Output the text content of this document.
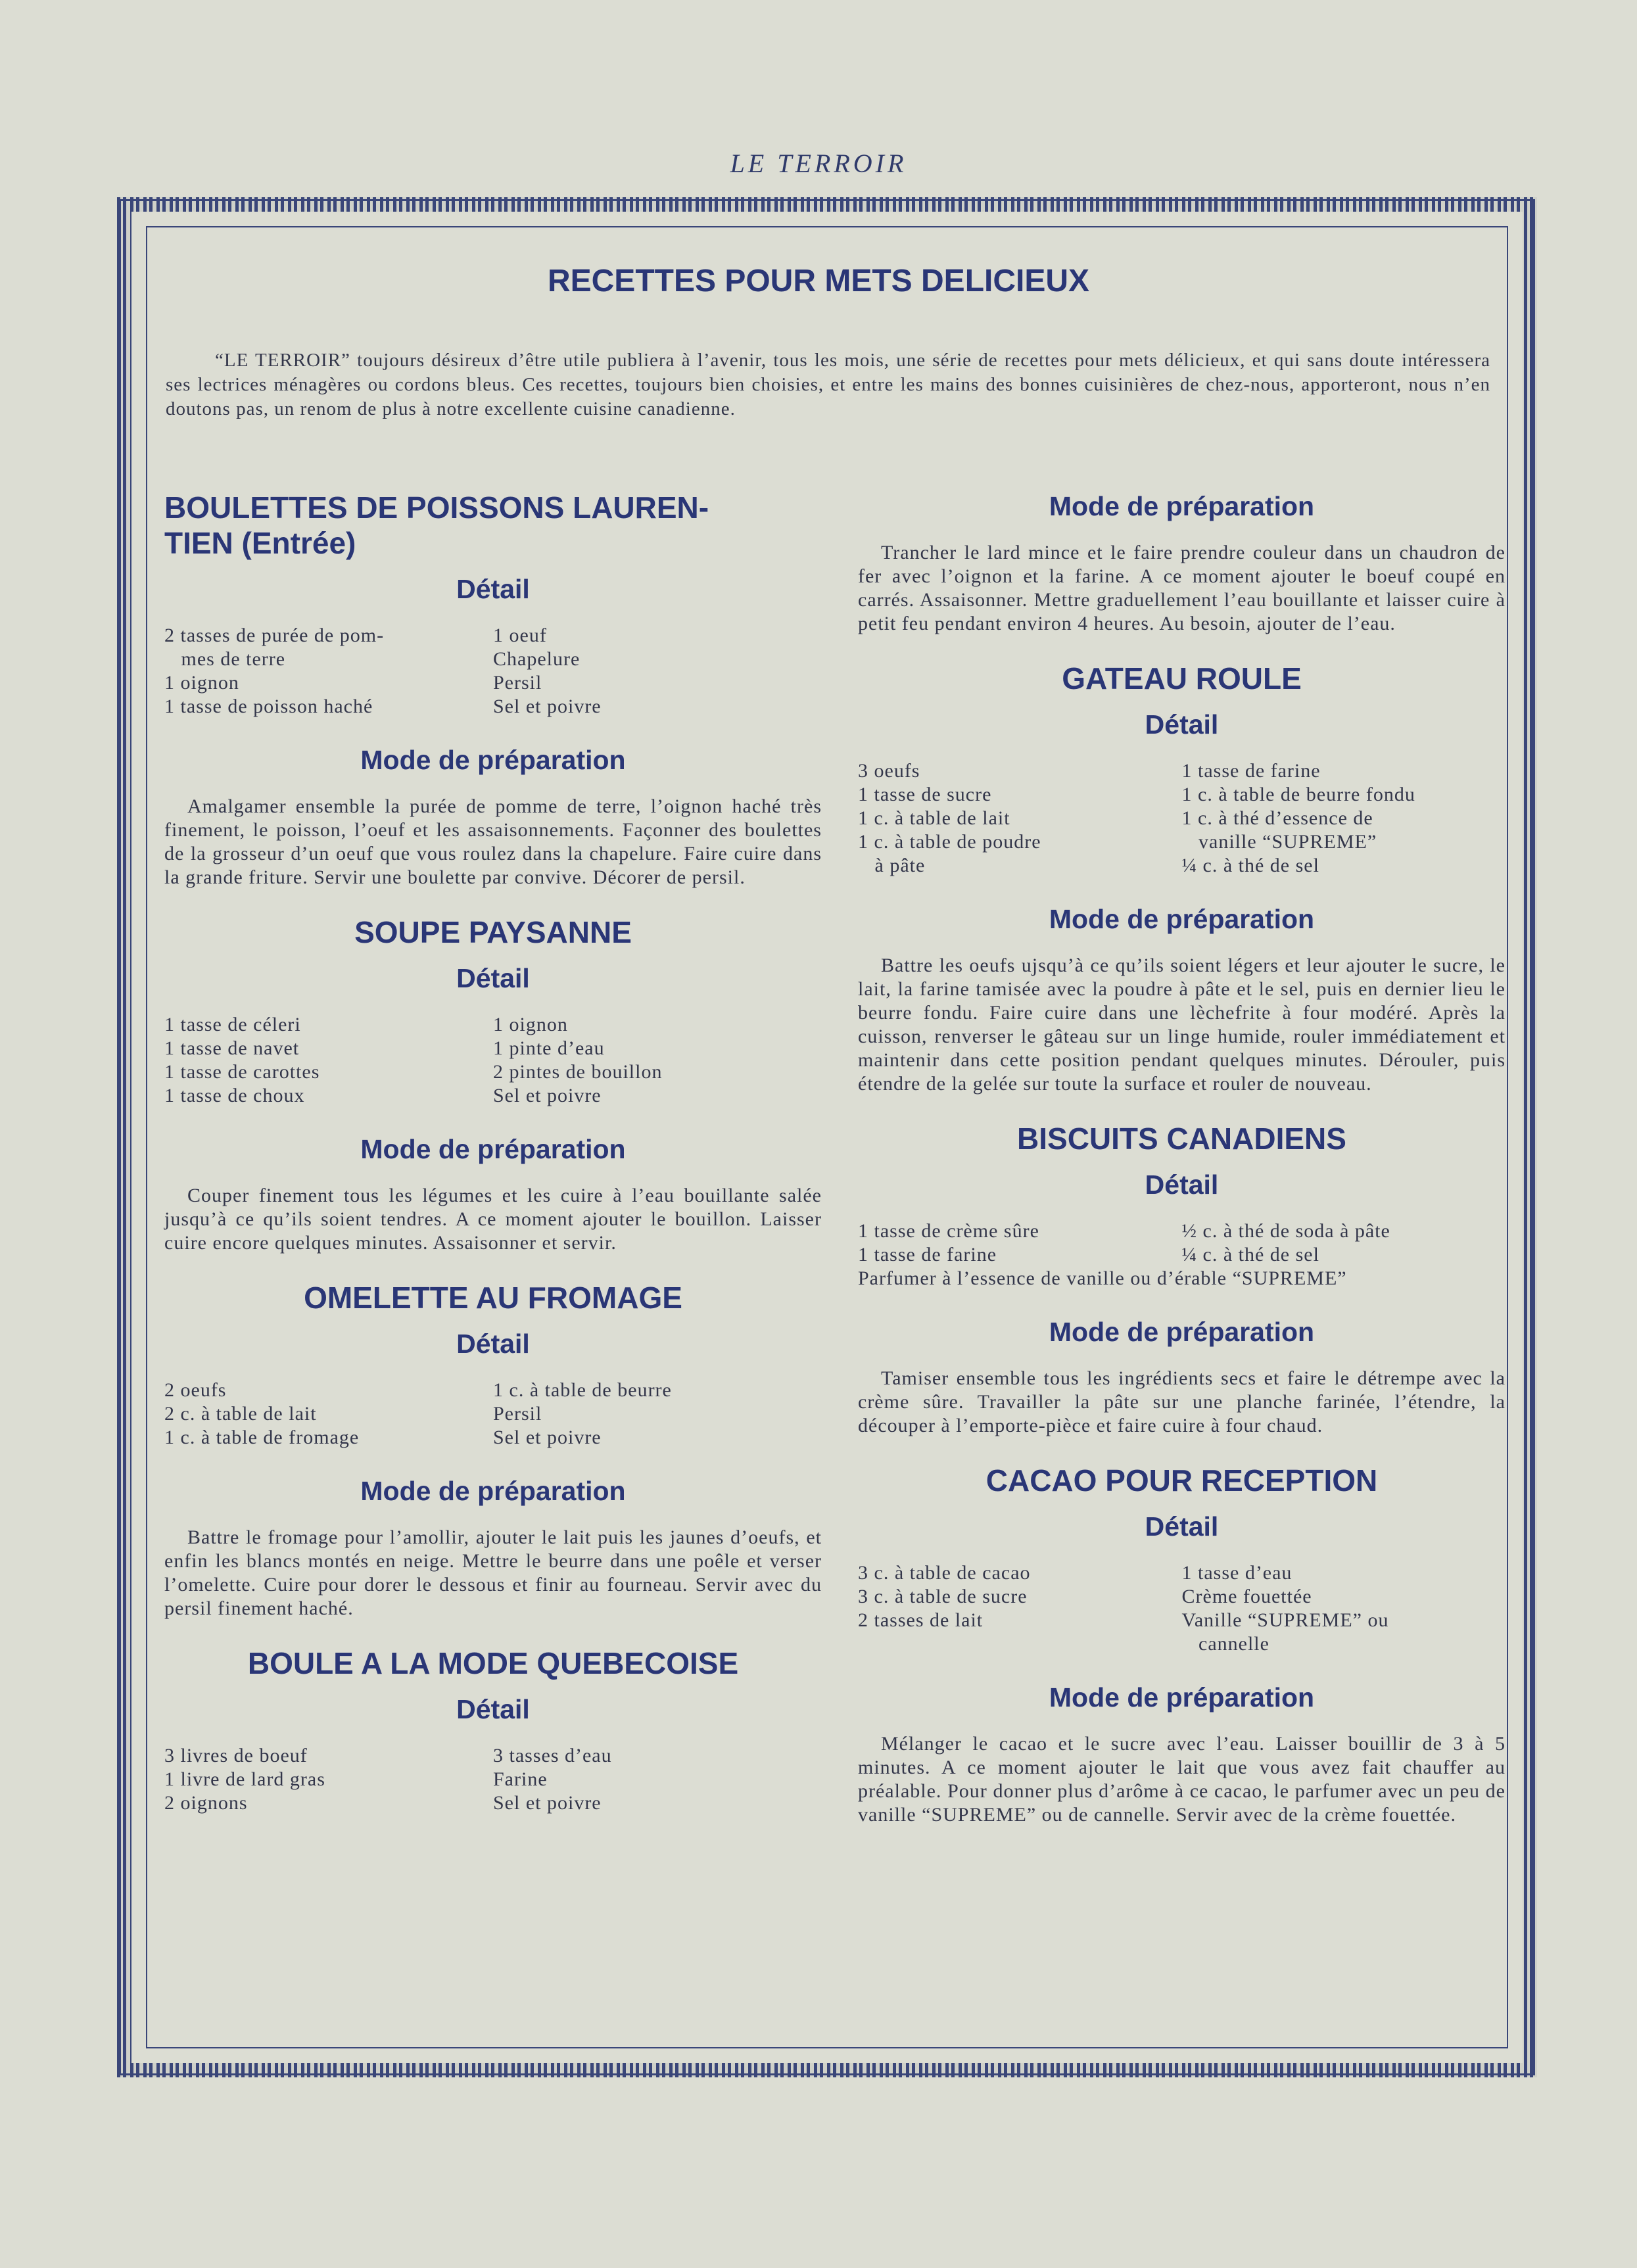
LE TERROIR
RECETTES POUR METS DELICIEUX

“LE TERROIR” toujours désireux d’être utile publiera à l’avenir, tous les mois, une série de recettes pour mets délicieux, et qui sans doute intéressera ses lectrices ménagères ou cordons bleus. Ces recettes, toujours bien choisies, et entre les mains des bonnes cuisinières de chez-nous, apporteront, nous n’en doutons pas, un renom de plus à notre excellente cuisine canadienne.

BOULETTES DE POISSONS LAUREN-
TIEN (Entrée)
Détail
2 tasses de purée de pom-
mes de terre
1 oignon
1 tasse de poisson haché
1 oeuf
Chapelure
Persil
Sel et poivre
Mode de préparation

Amalgamer ensemble la purée de pomme de terre, l’oignon haché très finement, le poisson, l’oeuf et les assaisonnements. Façonner des boulettes de la grosseur d’un oeuf que vous roulez dans la chapelure. Faire cuire dans la grande friture. Servir une boulette par convive. Décorer de persil.

SOUPE PAYSANNE
Détail
1 tasse de céleri
1 tasse de navet
1 tasse de carottes
1 tasse de choux
1 oignon
1 pinte d’eau
2 pintes de bouillon
Sel et poivre
Mode de préparation

Couper finement tous les légumes et les cuire à l’eau bouillante salée jusqu’à ce qu’ils soient tendres. A ce moment ajouter le bouillon. Laisser cuire encore quelques minutes. Assaisonner et servir.

OMELETTE AU FROMAGE
Détail
2 oeufs
2 c. à table de lait
1 c. à table de fromage
1 c. à table de beurre
Persil
Sel et poivre
Mode de préparation

Battre le fromage pour l’amollir, ajouter le lait puis les jaunes d’oeufs, et enfin les blancs montés en neige. Mettre le beurre dans une poêle et verser l’omelette. Cuire pour dorer le dessous et finir au fourneau. Servir avec du persil finement haché.

BOULE A LA MODE QUEBECOISE
Détail
3 livres de boeuf
1 livre de lard gras
2 oignons
3 tasses d’eau
Farine
Sel et poivre
Mode de préparation

Trancher le lard mince et le faire prendre couleur dans un chaudron de fer avec l’oignon et la farine. A ce moment ajouter le boeuf coupé en carrés. Assaisonner. Mettre graduellement l’eau bouillante et laisser cuire à petit feu pendant environ 4 heures. Au besoin, ajouter de l’eau.

GATEAU ROULE
Détail
3 oeufs
1 tasse de sucre
1 c. à table de lait
1 c. à table de poudre
à pâte
1 tasse de farine
1 c. à table de beurre fondu
1 c. à thé d’essence de
vanille “SUPREME”
¼ c. à thé de sel
Mode de préparation

Battre les oeufs ujsqu’à ce qu’ils soient légers et leur ajouter le sucre, le lait, la farine tamisée avec la poudre à pâte et le sel, puis en dernier lieu le beurre fondu. Faire cuire dans une lèchefrite à four modéré. Après la cuisson, renverser le gâteau sur un linge humide, rouler immédiatement et maintenir dans cette position pendant quelques minutes. Dérouler, puis étendre de la gelée sur toute la surface et rouler de nouveau.

BISCUITS CANADIENS
Détail
1 tasse de crème sûre
1 tasse de farine
½ c. à thé de soda à pâte
¼ c. à thé de sel
Parfumer à l’essence de vanille ou d’érable “SUPREME”
Mode de préparation

Tamiser ensemble tous les ingrédients secs et faire le détrempe avec la crème sûre. Travailler la pâte sur une planche farinée, l’étendre, la découper à l’emporte-pièce et faire cuire à four chaud.

CACAO POUR RECEPTION
Détail
3 c. à table de cacao
3 c. à table de sucre
2 tasses de lait
1 tasse d’eau
Crème fouettée
Vanille “SUPREME” ou
cannelle
Mode de préparation

Mélanger le cacao et le sucre avec l’eau. Laisser bouillir de 3 à 5 minutes. A ce moment ajouter le lait que vous avez fait chauffer au préalable. Pour donner plus d’arôme à ce cacao, le parfumer avec un peu de vanille “SUPREME” ou de cannelle. Servir avec de la crème fouettée.
